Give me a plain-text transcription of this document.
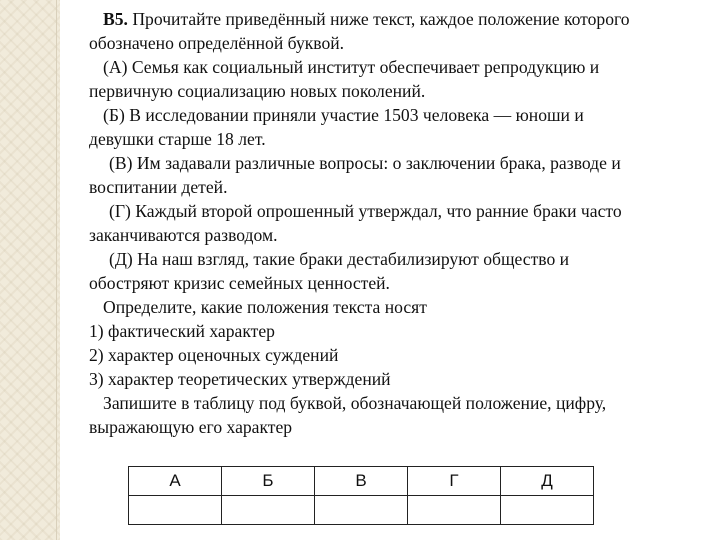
В5. Прочитайте приведённый ниже текст, каждое положение которого

обозначено определённой буквой.

(А) Семья как социальный институт обеспечивает репродукцию и

первичную социализацию новых поколений.

(Б) В исследовании приняли участие 1503 человека — юноши и

девушки старше 18 лет.

(В) Им задавали различные вопросы: о заключении брака, разводе и

воспитании детей.

(Г) Каждый второй опрошенный утверждал, что ранние браки часто

заканчиваются разводом.

(Д) На наш взгляд, такие браки дестабилизируют общество и

обостряют кризис семейных ценностей.

Определите, какие положения текста носят

1) фактический характер

2) характер оценочных суждений

3) характер теоретических утверждений

Запишите в таблицу под буквой, обозначающей положение, цифру,

выражающую его характер

А	Б	В	Г	Д
